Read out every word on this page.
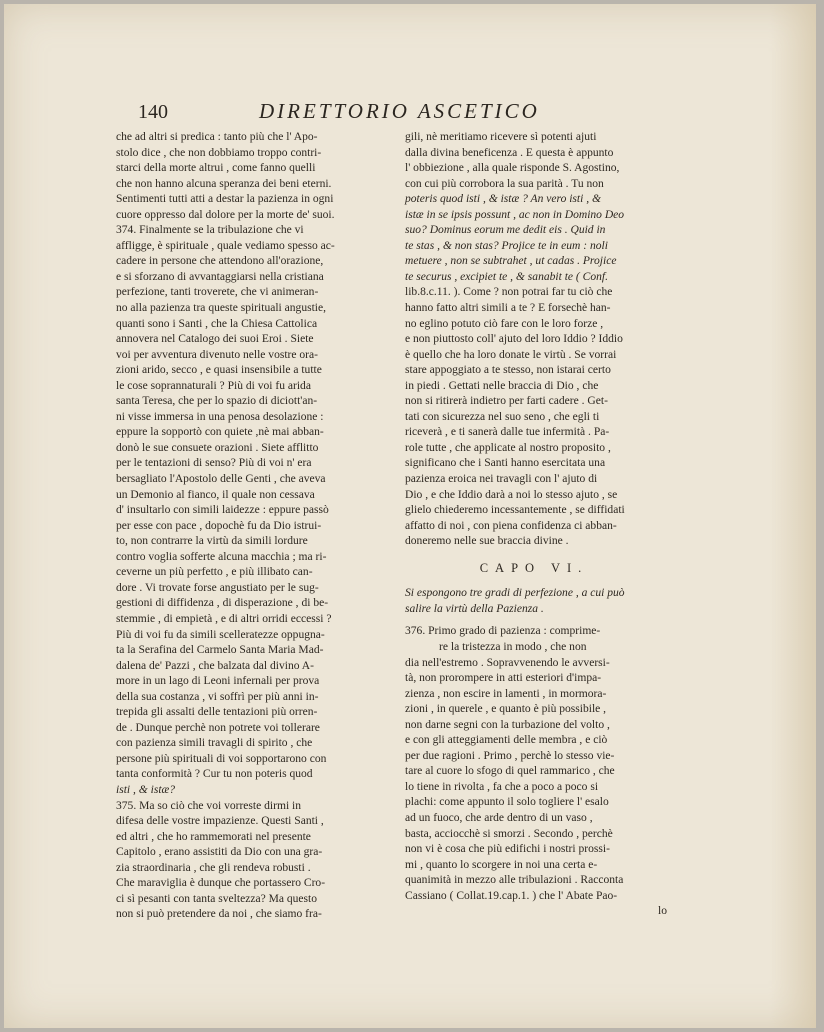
140	DIRETTORIO ASCETICO
che ad altri si predica : tanto più che l' Apo-
stolo dice , che non dobbiamo troppo contri-
starci della morte altrui , come fanno quelli
che non hanno alcuna speranza dei beni eterni.
Sentimenti tutti atti a destar la pazienza in ogni
cuore oppresso dal dolore per la morte de' suoi.
374. Finalmente se la tribulazione che vi
affligge, è spirituale , quale vediamo spesso ac-
cadere in persone che attendono all'orazione,
e si sforzano di avvantaggiarsi nella cristiana
perfezione, tanti troverete, che vi animeran-
no alla pazienza tra queste spirituali angustie,
quanti sono i Santi , che la Chiesa Cattolica
annovera nel Catalogo dei suoi Eroi . Siete
voi per avventura divenuto nelle vostre ora-
zioni arido, secco , e quasi insensibile a tutte
le cose soprannaturali ? Più di voi fu arida
santa Teresa, che per lo spazio di diciott'an-
ni visse immersa in una penosa desolazione :
eppure la sopportò con quiete ,nè mai abban-
donò le sue consuete orazioni . Siete afflitto
per le tentazioni di senso? Più di voi n' era
bersagliato l'Apostolo delle Genti , che aveva
un Demonio al fianco, il quale non cessava
d' insultarlo con simili laidezze : eppure passò
per esse con pace , dopochè fu da Dio istrui-
to, non contrarre la virtù da simili lordure
contro voglia sofferte alcuna macchia ; ma ri-
ceverne un più perfetto , e più illibato can-
dore . Vi trovate forse angustiato per le sug-
gestioni di diffidenza , di disperazione , di be-
stemmie , di empietà , e di altri orridi eccessi ?
Più di voi fu da simili scelleratezze oppugna-
ta la Serafina del Carmelo Santa Maria Mad-
dalena de' Pazzi , che balzata dal divino A-
more in un lago di Leoni infernali per prova
della sua costanza , vi soffrì per più anni in-
trepida gli assalti delle tentazioni più orren-
de . Dunque perchè non potrete voi tollerare
con pazienza simili travagli di spirito , che
persone più spirituali di voi sopportarono con
tanta conformità ? Cur tu non poteris quod
isti , & istæ?
375. Ma so ciò che voi vorreste dirmi in
difesa delle vostre impazienze. Questi Santi ,
ed altri , che ho rammemorati nel presente
Capitolo , erano assistiti da Dio con una gra-
zia straordinaria , che gli rendeva robusti .
Che maraviglia è dunque che portassero Cro-
ci sì pesanti con tanta sveltezza? Ma questo
non si può pretendere da noi , che siamo fra-
gili, nè meritiamo ricevere sì potenti ajuti
dalla divina beneficenza . E questa è appunto
l' obbiezione , alla quale risponde S. Agostino,
con cui più corrobora la sua parità . Tu non
poteris quod isti , & istæ ? An vero isti , &
istæ in se ipsis possunt , ac non in Domino Deo
suo? Dominus eorum me dedit eis . Quid in
te stas , & non stas? Projice te in eum : noli
metuere , non se subtrahet , ut cadas . Projice
te securus , excipiet te , & sanabit te ( Conf.
lib.8.c.11. ). Come ? non potrai far tu ciò che
hanno fatto altri simili a te ? E forsechè han-
no eglino potuto ciò fare con le loro forze ,
e non piuttosto coll' ajuto del loro Iddio ? Iddio
è quello che ha loro donate le virtù . Se vorrai
stare appoggiato a te stesso, non istarai certo
in piedi . Gettati nelle braccia di Dio , che
non si ritirerà indietro per farti cadere . Get-
tati con sicurezza nel suo seno , che egli ti
riceverà , e ti sanerà dalle tue infermità . Pa-
role tutte , che applicate al nostro proposito ,
significano che i Santi hanno esercitata una
pazienza eroica nei travagli con l' ajuto di
Dio , e che Iddio darà a noi lo stesso ajuto , se
glielo chiederemo incessantemente , se diffidati
affatto di noi , con piena confidenza ci abban-
doneremo nelle sue braccia divine .
CAPO VI.
Si espongono tre gradi di perfezione , a cui può
salire la virtù della Pazienza .
376. Primo grado di pazienza : comprime-
re la tristezza in modo , che non
dia nell'estremo . Sopravvenendo le avversi-
tà, non prorompere in atti esteriori d'impa-
zienza , non escire in lamenti , in mormora-
zioni , in querele , e quanto è più possibile ,
non darne segni con la turbazione del volto ,
e con gli atteggiamenti delle membra , e ciò
per due ragioni . Primo , perchè lo stesso vie-
tare al cuore lo sfogo di quel rammarico , che
lo tiene in rivolta , fa che a poco a poco si
plachi: come appunto il solo togliere l' esalo
ad un fuoco, che arde dentro di un vaso ,
basta, acciocchè si smorzi . Secondo , perchè
non vi è cosa che più edifichi i nostri prossi-
mi , quanto lo scorgere in noi una certa e-
quanimità in mezzo alle tribulazioni . Racconta
Cassiano ( Collat.19.cap.1. ) che l' Abate Pao-
lo
